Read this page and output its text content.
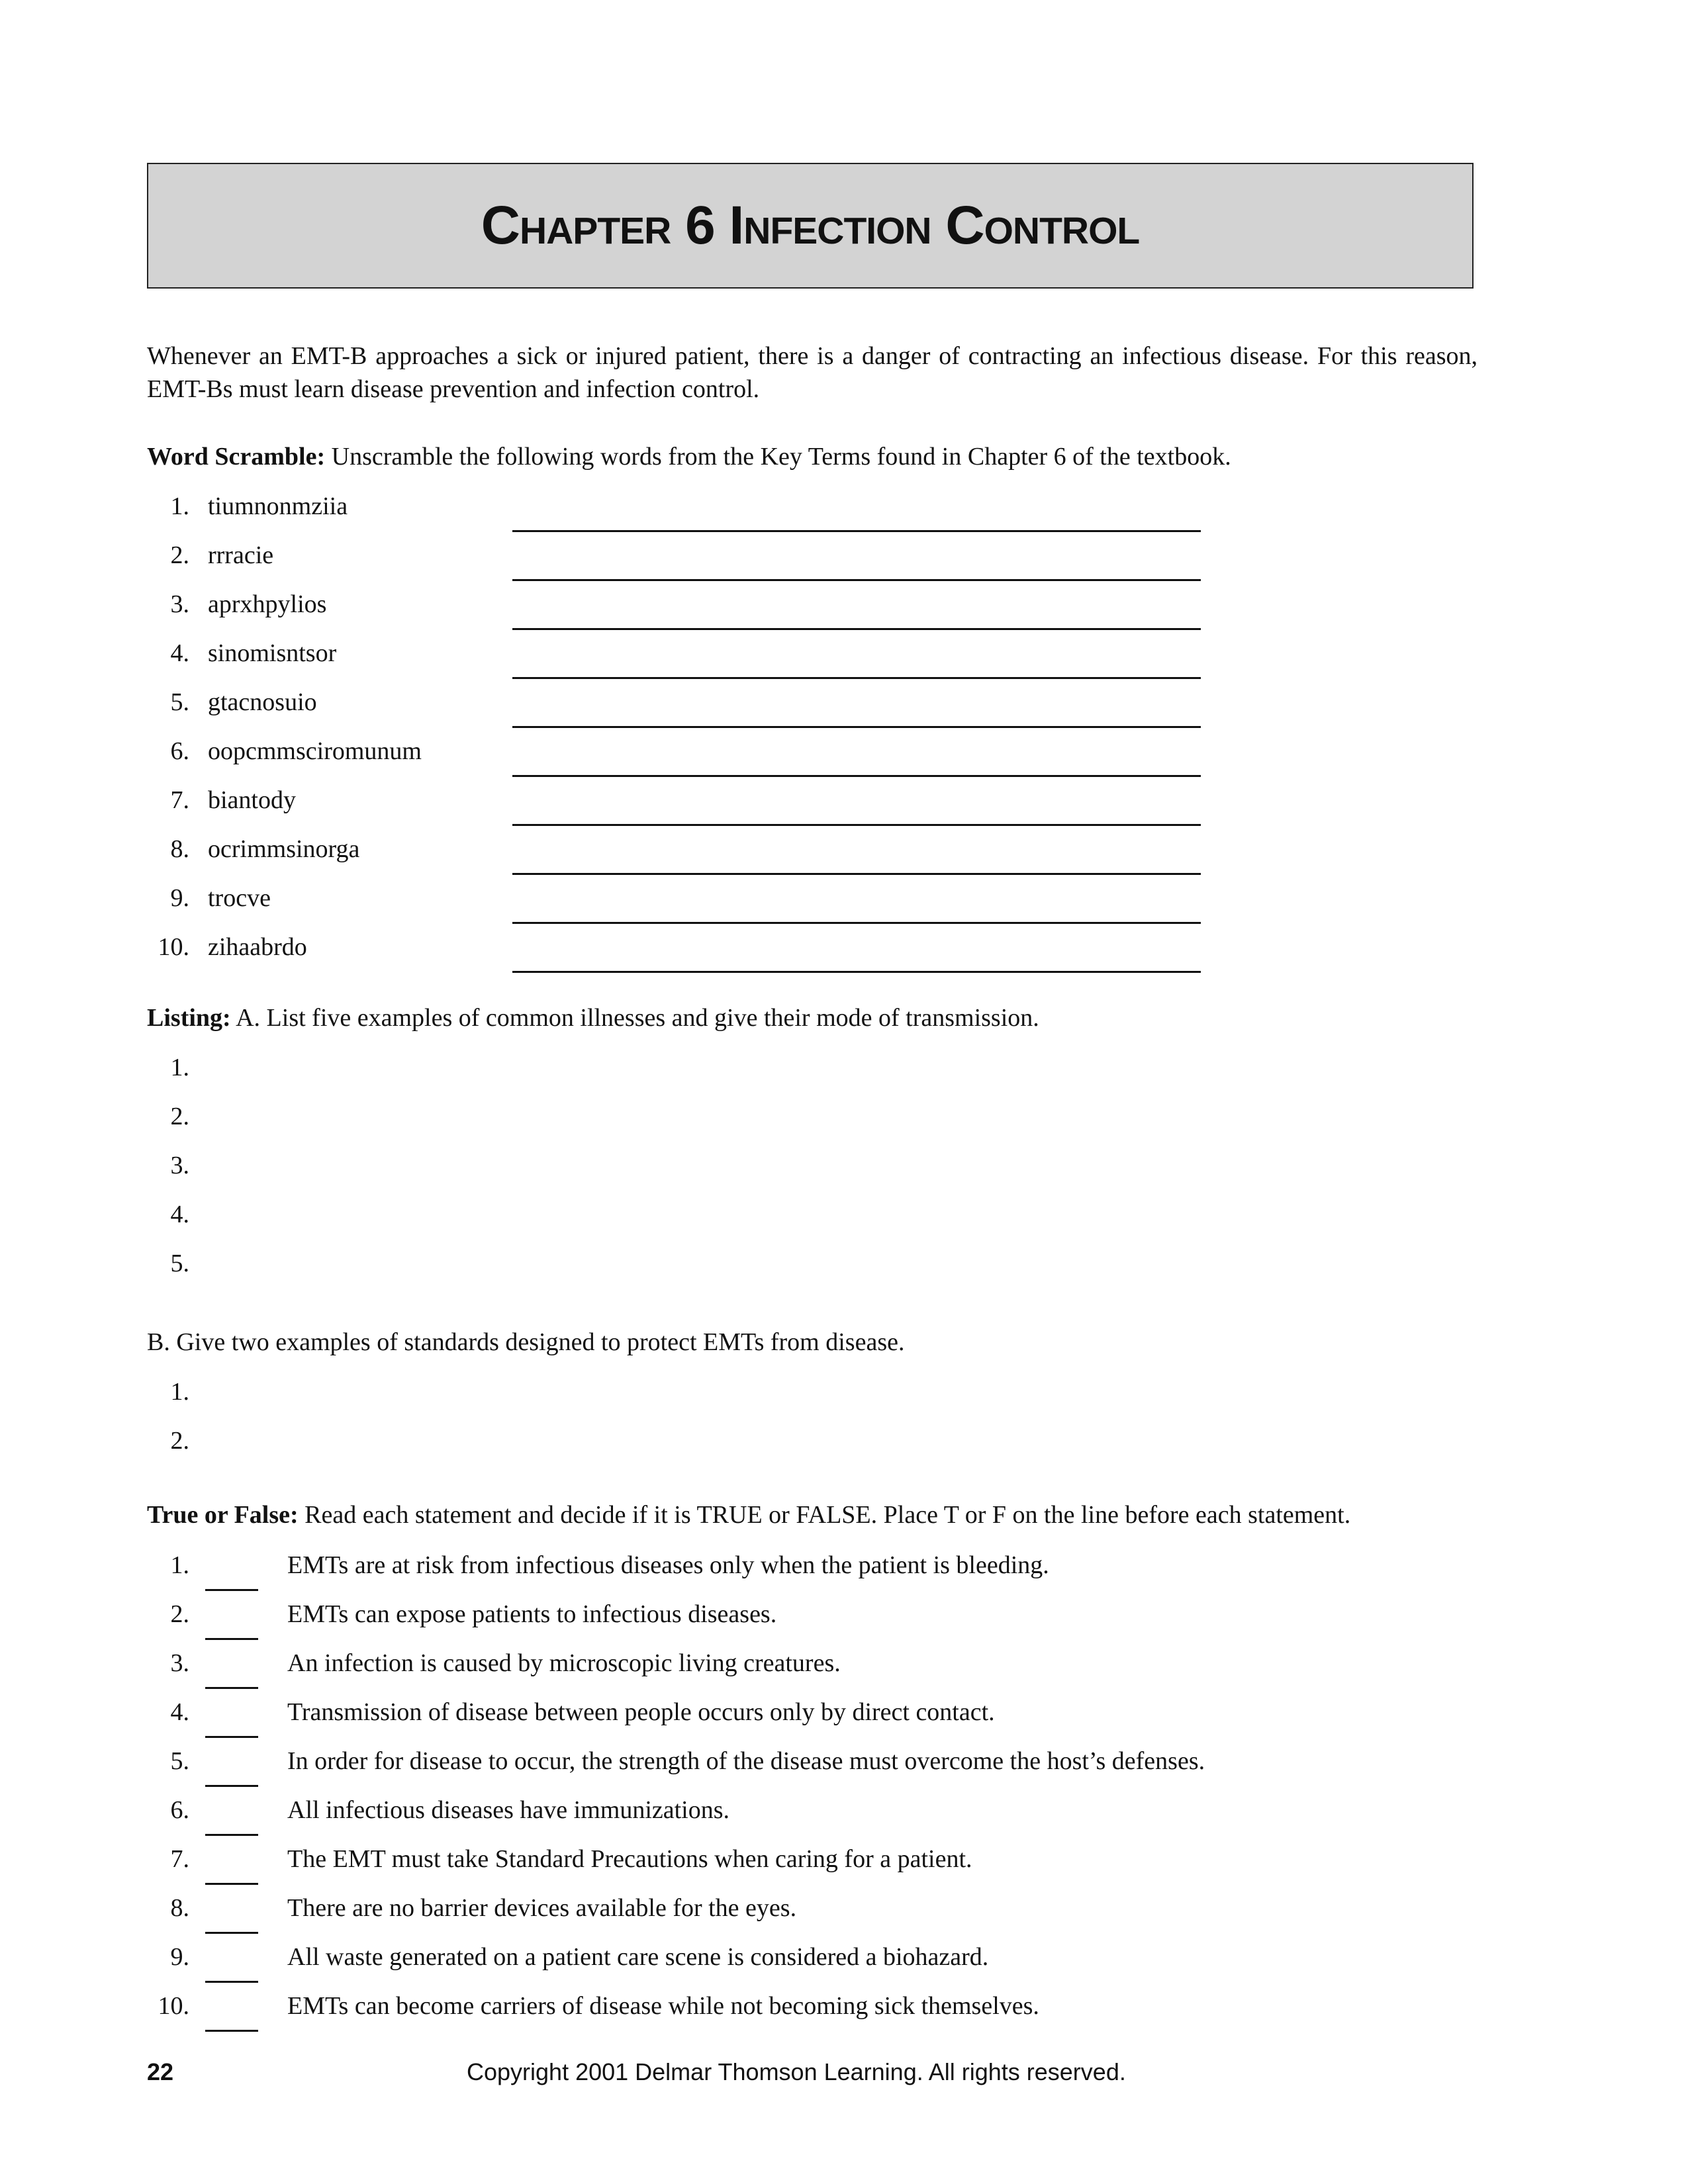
Chapter 6 Infection Control
Whenever an EMT-B approaches a sick or injured patient, there is a danger of contracting an infectious disease. For this reason, EMT-Bs must learn disease prevention and infection control.
Word Scramble: Unscramble the following words from the Key Terms found in Chapter 6 of the textbook.
1. tiumnonmziia
2. rrracie
3. aprxhpylios
4. sinomisntsor
5. gtacnosuio
6. oopcmmsciromunum
7. biantody
8. ocrimmsinorga
9. trocve
10. zihaabrdo
Listing: A. List five examples of common illnesses and give their mode of transmission.
1.
2.
3.
4.
5.
B. Give two examples of standards designed to protect EMTs from disease.
1.
2.
True or False: Read each statement and decide if it is TRUE or FALSE. Place T or F on the line before each statement.
1.	EMTs are at risk from infectious diseases only when the patient is bleeding.
2.	EMTs can expose patients to infectious diseases.
3.	An infection is caused by microscopic living creatures.
4.	Transmission of disease between people occurs only by direct contact.
5.	In order for disease to occur, the strength of the disease must overcome the host’s defenses.
6.	All infectious diseases have immunizations.
7.	The EMT must take Standard Precautions when caring for a patient.
8.	There are no barrier devices available for the eyes.
9.	All waste generated on a patient care scene is considered a biohazard.
10.	EMTs can become carriers of disease while not becoming sick themselves.
22	Copyright 2001 Delmar Thomson Learning. All rights reserved.
